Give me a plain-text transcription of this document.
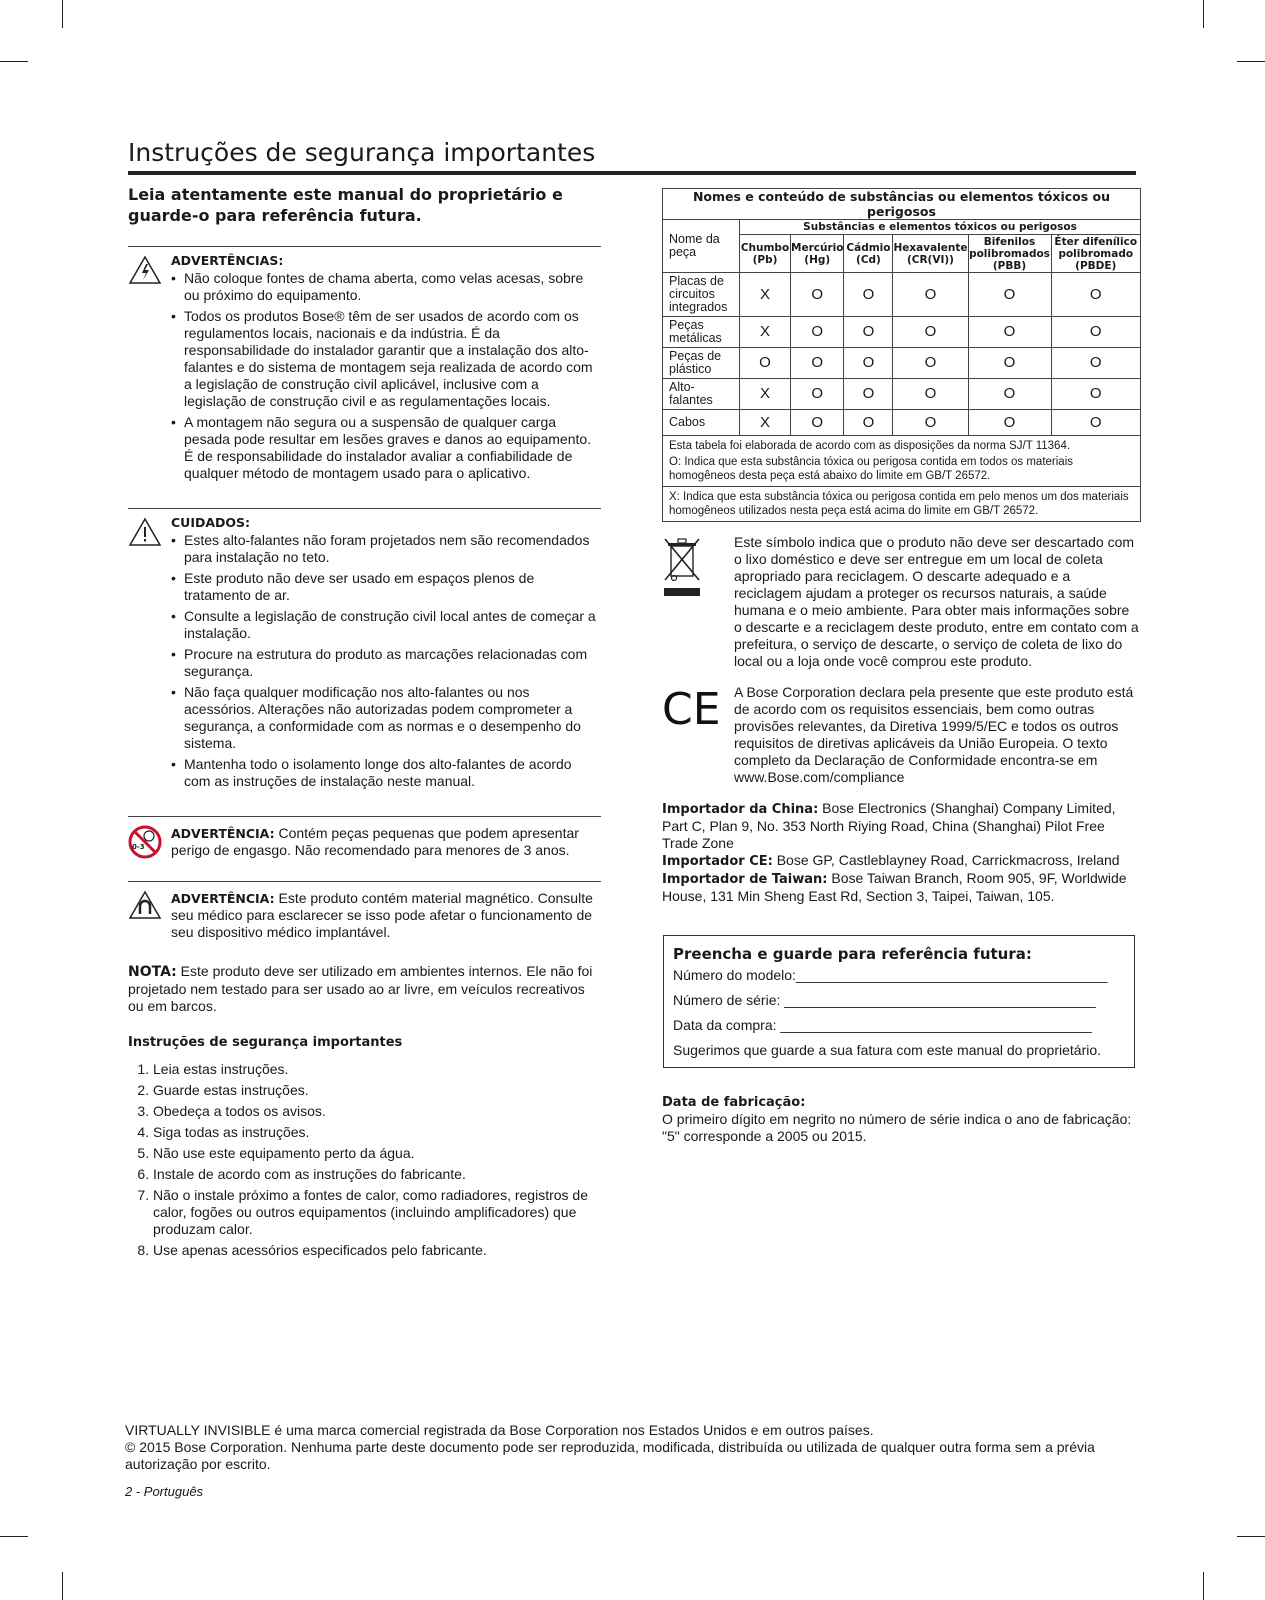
Instruções de segurança importantes
Leia atentamente este manual do proprietário e guarde-o para referência futura.
ADVERTÊNCIAS:
• Não coloque fontes de chama aberta, como velas acesas, sobre ou próximo do equipamento.
• Todos os produtos Bose® têm de ser usados de acordo com os regulamentos locais, nacionais e da indústria. É da responsabilidade do instalador garantir que a instalação dos alto-falantes e do sistema de montagem seja realizada de acordo com a legislação de construção civil aplicável, inclusive com a legislação de construção civil e as regulamentações locais.
• A montagem não segura ou a suspensão de qualquer carga pesada pode resultar em lesões graves e danos ao equipamento. É de responsabilidade do instalador avaliar a confiabilidade de qualquer método de montagem usado para o aplicativo.
CUIDADOS:
• Estes alto-falantes não foram projetados nem são recomendados para instalação no teto.
• Este produto não deve ser usado em espaços plenos de tratamento de ar.
• Consulte a legislação de construção civil local antes de começar a instalação.
• Procure na estrutura do produto as marcações relacionadas com segurança.
• Não faça qualquer modificação nos alto-falantes ou nos acessórios. Alterações não autorizadas podem comprometer a segurança, a conformidade com as normas e o desempenho do sistema.
• Mantenha todo o isolamento longe dos alto-falantes de acordo com as instruções de instalação neste manual.
0-3

ADVERTÊNCIA: Contém peças pequenas que podem apresentar perigo de engasgo. Não recomendado para menores de 3 anos.

ADVERTÊNCIA: Este produto contém material magnético. Consulte seu médico para esclarecer se isso pode afetar o funcionamento de seu dispositivo médico implantável.

NOTA: Este produto deve ser utilizado em ambientes internos. Ele não foi projetado nem testado para ser usado ao ar livre, em veículos recreativos ou em barcos.
Instruções de segurança importantes
1. Leia estas instruções.
2. Guarde estas instruções.
3. Obedeça a todos os avisos.
4. Siga todas as instruções.
5. Não use este equipamento perto da água.
6. Instale de acordo com as instruções do fabricante.
7. Não o instale próximo a fontes de calor, como radiadores, registros de calor, fogões ou outros equipamentos (incluindo amplificadores) que produzam calor.
8. Use apenas acessórios especificados pelo fabricante.
Nomes e conteúdo de substâncias ou elementos tóxicos ou perigosos						
Nome da peça	Substâncias e elementos tóxicos ou perigosos					
	Chumbo (Pb)	Mercúrio (Hg)	Cádmio (Cd)	Hexavalente (CR(VI))	Bifenilos polibromados (PBB)	Éter difenílico polibromado (PBDE)
Placas de circuitos integrados	X	O	O	O	O	O
Peças metálicas	X	O	O	O	O	O
Peças de plástico	O	O	O	O	O	O
Alto-falantes	X	O	O	O	O	O
Cabos	X	O	O	O	O	O

Esta tabela foi elaborada de acordo com as disposições da norma SJ/T 11364.
O: Indica que esta substância tóxica ou perigosa contida em todos os materiais homogêneos desta peça está abaixo do limite em GB/T 26572.						

X: Indica que esta substância tóxica ou perigosa contida em pelo menos um dos materiais homogêneos utilizados nesta peça está acima do limite em GB/T 26572.						
Este símbolo indica que o produto não deve ser descartado com o lixo doméstico e deve ser entregue em um local de coleta apropriado para reciclagem. O descarte adequado e a reciclagem ajudam a proteger os recursos naturais, a saúde humana e o meio ambiente. Para obter mais informações sobre o descarte e a reciclagem deste produto, entre em contato com a prefeitura, o serviço de descarte, o serviço de coleta de lixo do local ou a loja onde você comprou este produto.
CE A Bose Corporation declara pela presente que este produto está de acordo com os requisitos essenciais, bem como outras provisões relevantes, da Diretiva 1999/5/EC e todos os outros requisitos de diretivas aplicáveis da União Europeia. O texto completo da Declaração de Conformidade encontra-se em www.Bose.com/compliance
Importador da China: Bose Electronics (Shanghai) Company Limited, Part C, Plan 9, No. 353 North Riying Road, China (Shanghai) Pilot Free Trade Zone
Importador CE: Bose GP, Castleblayney Road, Carrickmacross, Ireland
Importador de Taiwan: Bose Taiwan Branch, Room 905, 9F, Worldwide House, 131 Min Sheng East Rd, Section 3, Taipei, Taiwan, 105.
Preencha e guarde para referência futura:
Número do modelo:________________________________________
Número de série: ________________________________________
Data da compra: ________________________________________
Sugerimos que guarde a sua fatura com este manual do proprietário.
Data de fabricação:
O primeiro dígito em negrito no número de série indica o ano de fabricação: "5" corresponde a 2005 ou 2015.
VIRTUALLY INVISIBLE é uma marca comercial registrada da Bose Corporation nos Estados Unidos e em outros países.
© 2015 Bose Corporation. Nenhuma parte deste documento pode ser reproduzida, modificada, distribuída ou utilizada de qualquer outra forma sem a prévia autorização por escrito.
2 - Português
